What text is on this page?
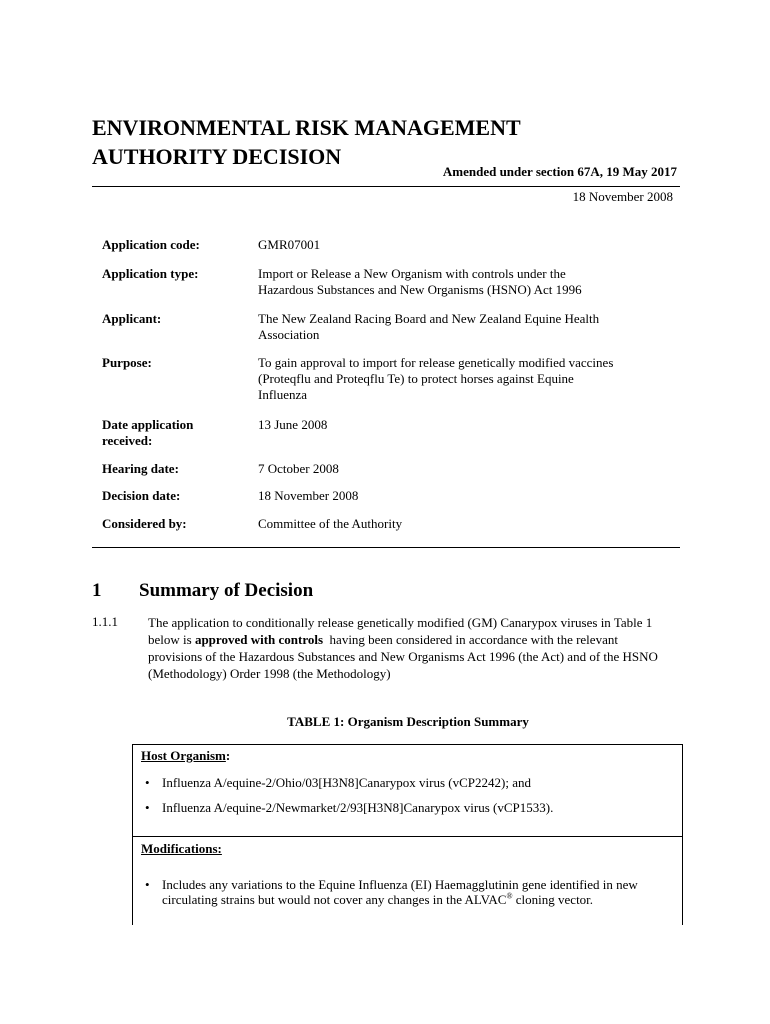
ENVIRONMENTAL RISK MANAGEMENT
AUTHORITY DECISION

Amended under section 67A, 19 May 2017

18 November 2008
Application code:	GMR07001
Application type:	Import or Release a New Organism with controls under the
Hazardous Substances and New Organisms (HSNO) Act 1996
Applicant:	The New Zealand Racing Board and New Zealand Equine Health
Association
Purpose:	To gain approval to import for release genetically modified vaccines
(Proteqflu and Proteqflu Te) to protect horses against Equine
Influenza
Date application
received:
13 June 2008
Hearing date:	7 October 2008
Decision date:	18 November 2008
Considered by:	Committee of the Authority
1 Summary of Decision
1.1.1 The application to conditionally release genetically modified (GM) Canarypox viruses in Table 1 below is approved with controls  having been considered in accordance with the relevant provisions of the Hazardous Substances and New Organisms Act 1996 (the Act) and of the HSNO (Methodology) Order 1998 (the Methodology)

TABLE 1: Organism Description Summary
Host Organism:
• Influenza A/equine-2/Ohio/03[H3N8]Canarypox virus (vCP2242); and
• Influenza A/equine-2/Newmarket/2/93[H3N8]Canarypox virus (vCP1533).
Modifications:
• Includes any variations to the Equine Influenza (EI) Haemagglutinin gene identified in new circulating strains but would not cover any changes in the ALVAC® cloning vector.
